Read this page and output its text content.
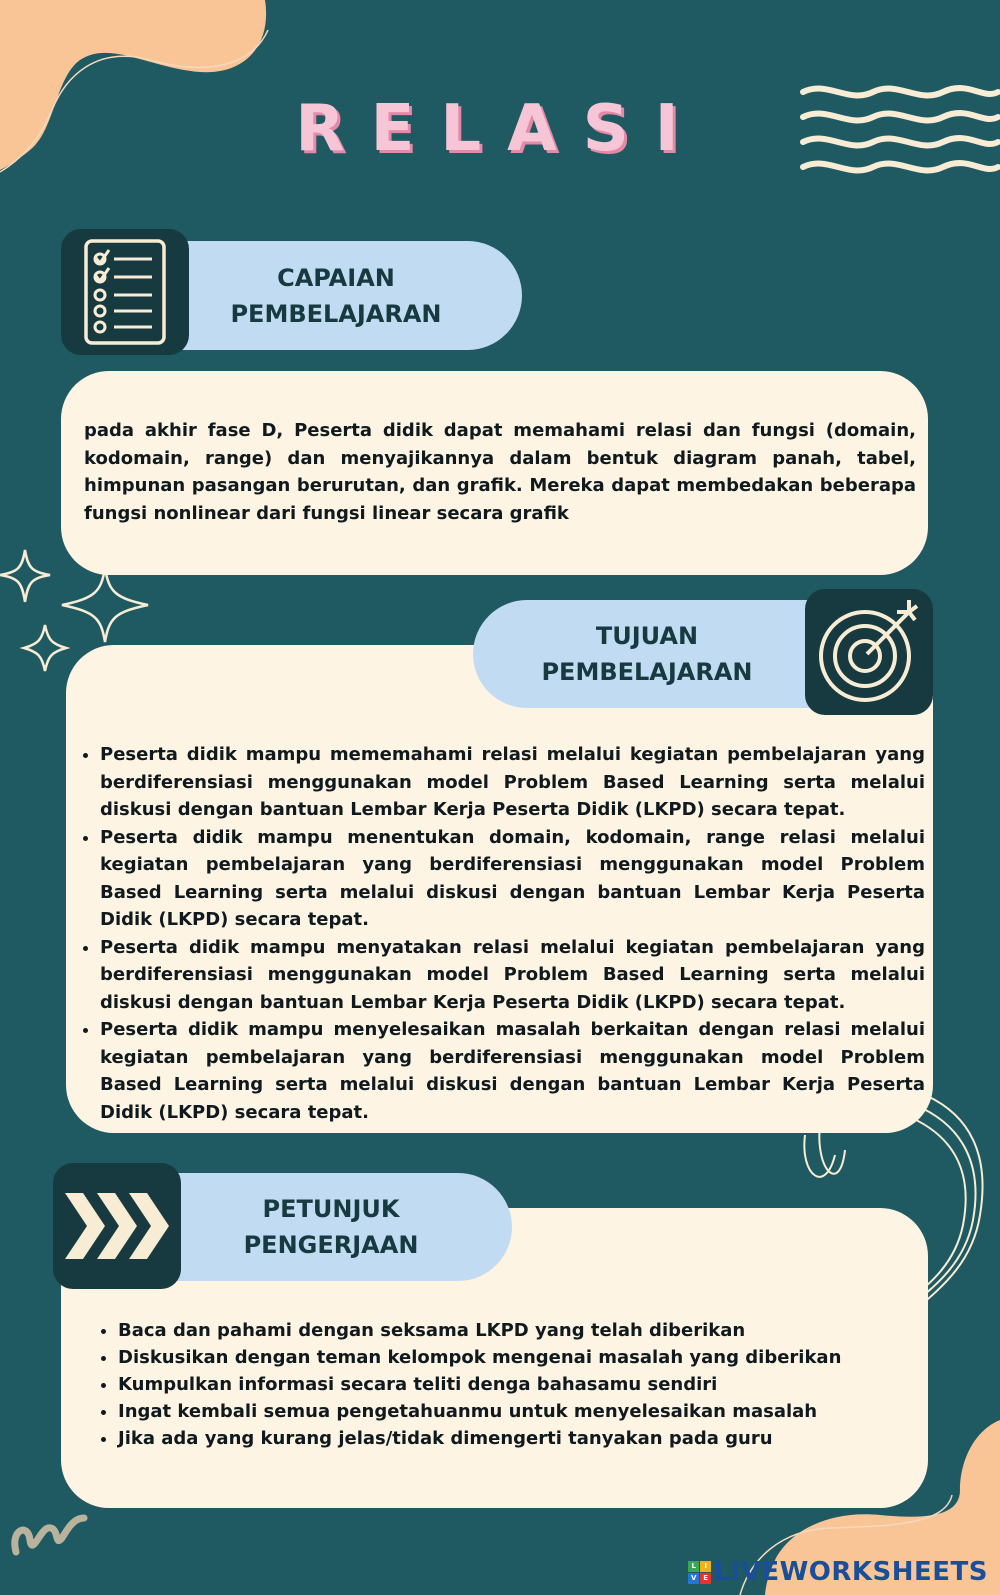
RELASI
CAPAIAN
PEMBELAJARAN
pada akhir fase D, Peserta didik dapat memahami relasi dan fungsi (domain, kodomain, range) dan menyajikannya dalam bentuk diagram panah, tabel, himpunan pasangan berurutan, dan grafik. Mereka dapat membedakan beberapa fungsi nonlinear dari fungsi linear secara grafik
TUJUAN
PEMBELAJARAN
• Peserta didik mampu mememahami relasi melalui kegiatan pembelajaran yang berdiferensiasi menggunakan model Problem Based Learning serta melalui diskusi dengan bantuan Lembar Kerja Peserta Didik (LKPD) secara tepat.
• Peserta didik mampu menentukan domain, kodomain, range relasi melalui kegiatan pembelajaran yang berdiferensiasi menggunakan model Problem Based Learning serta melalui diskusi dengan bantuan Lembar Kerja Peserta Didik (LKPD) secara tepat.
• Peserta didik mampu menyatakan relasi melalui kegiatan pembelajaran yang berdiferensiasi menggunakan model Problem Based Learning serta melalui diskusi dengan bantuan Lembar Kerja Peserta Didik (LKPD) secara tepat.
• Peserta didik mampu menyelesaikan masalah berkaitan dengan relasi melalui kegiatan pembelajaran yang berdiferensiasi menggunakan model Problem Based Learning serta melalui diskusi dengan bantuan Lembar Kerja Peserta Didik (LKPD) secara tepat.
PETUNJUK
PENGERJAAN
• Baca dan pahami dengan seksama LKPD yang telah diberikan
• Diskusikan dengan teman kelompok mengenai masalah yang diberikan
• Kumpulkan informasi secara teliti denga bahasamu sendiri
• Ingat kembali semua pengetahuanmu untuk menyelesaikan masalah
• Jika ada yang kurang jelas/tidak dimengerti tanyakan pada guru
L	I
V E LIVEWORKSHEETS
